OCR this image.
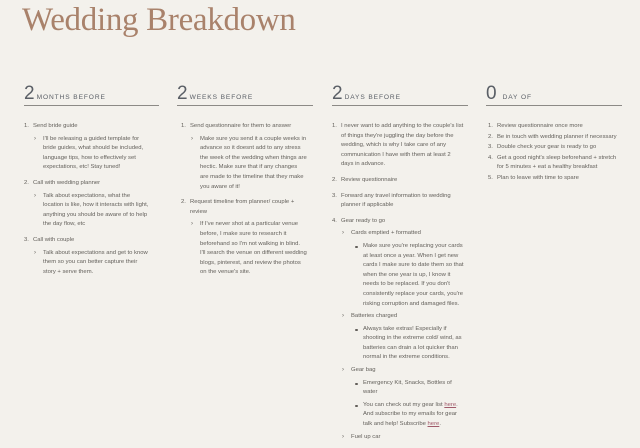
Wedding Breakdown
2 MONTHS BEFORE
1. Send bride guide
› I'll be releasing a guided template for bride guides, what should be included, language tips, how to effectively set expectations, etc! Stay tuned!
2. Call with wedding planner
› Talk about expectations, what the location is like, how it interacts with light, anything you should be aware of to help the day flow, etc
3. Call with couple
› Talk about expectations and get to know them so you can better capture their story + serve them.
2 WEEKS BEFORE
1. Send questionnaire for them to answer
› Make sure you send it a couple weeks in advance so it doesnt add to any stress the week of the wedding when things are hectic. Make sure that if any changes are made to the timeline that they make you aware of it!
2. Request timeline from planner/ couple + review
› If I've never shot at a particular venue before, I make sure to research it beforehand so I'm not walking in blind. I'll search the venue on different wedding blogs, pinterest, and review the photos on the venue's site.
2 DAYS BEFORE
1. I never want to add anything to the couple's list of things they're juggling the day before the wedding, which is why I take care of any communication I have with them at least 2 days in advance.
2. Review questionnaire
3. Forward any travel information to wedding planner if applicable
4. Gear ready to go
› Cards emptied + formatted
Make sure you're replacing your cards at least once a year. When I get new cards I make sure to date them so that when the one year is up, I know it needs to be replaced. If you don't consistently replace your cards, you're risking corruption and damaged files.
› Batteries charged
Always take extras! Especially if shooting in the extreme cold/ wind, as batteries can drain a lot quicker than normal in the extreme conditions.
› Gear bag
Emergency Kit, Snacks, Bottles of water
You can check out my gear list here. And subscribe to my emails for gear talk and help! Subscribe here.
› Fuel up car
0 DAY OF
1. Review questionnaire once more
2. Be in touch with wedding planner if necessary
3. Double check your gear is ready to go
4. Get a good night's sleep beforehand + stretch for 5 minutes + eat a healthy breakfast
5. Plan to leave with time to spare
